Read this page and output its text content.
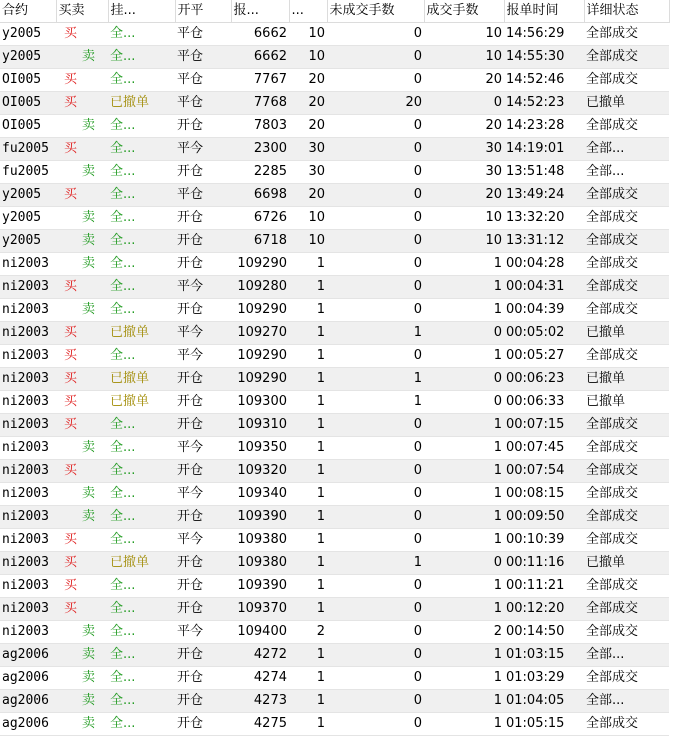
合约	买卖	挂...	开平	报...	...	未成交手数	成交手数	报单时间	详细状态
y2005	买	全...	平仓	6662	10	0	10	14:56:29	全部成交
y2005	卖	全...	平仓	6662	10	0	10	14:55:30	全部成交
OI005	买	全...	平仓	7767	20	0	20	14:52:46	全部成交
OI005	买	已撤单	平仓	7768	20	20	0	14:52:23	已撤单
OI005	卖	全...	开仓	7803	20	0	20	14:23:28	全部成交
fu2005	买	全...	平今	2300	30	0	30	14:19:01	全部...
fu2005	卖	全...	开仓	2285	30	0	30	13:51:48	全部...
y2005	买	全...	平仓	6698	20	0	20	13:49:24	全部成交
y2005	卖	全...	开仓	6726	10	0	10	13:32:20	全部成交
y2005	卖	全...	开仓	6718	10	0	10	13:31:12	全部成交
ni2003	卖	全...	开仓	109290	1	0	1	00:04:28	全部成交
ni2003	买	全...	平今	109280	1	0	1	00:04:31	全部成交
ni2003	卖	全...	开仓	109290	1	0	1	00:04:39	全部成交
ni2003	买	已撤单	平今	109270	1	1	0	00:05:02	已撤单
ni2003	买	全...	平今	109290	1	0	1	00:05:27	全部成交
ni2003	买	已撤单	开仓	109290	1	1	0	00:06:23	已撤单
ni2003	买	已撤单	开仓	109300	1	1	0	00:06:33	已撤单
ni2003	买	全...	开仓	109310	1	0	1	00:07:15	全部成交
ni2003	卖	全...	平今	109350	1	0	1	00:07:45	全部成交
ni2003	买	全...	开仓	109320	1	0	1	00:07:54	全部成交
ni2003	卖	全...	平今	109340	1	0	1	00:08:15	全部成交
ni2003	卖	全...	开仓	109390	1	0	1	00:09:50	全部成交
ni2003	买	全...	平今	109380	1	0	1	00:10:39	全部成交
ni2003	买	已撤单	开仓	109380	1	1	0	00:11:16	已撤单
ni2003	买	全...	开仓	109390	1	0	1	00:11:21	全部成交
ni2003	买	全...	开仓	109370	1	0	1	00:12:20	全部成交
ni2003	卖	全...	平今	109400	2	0	2	00:14:50	全部成交
ag2006	卖	全...	开仓	4272	1	0	1	01:03:15	全部...
ag2006	卖	全...	开仓	4274	1	0	1	01:03:29	全部成交
ag2006	卖	全...	开仓	4273	1	0	1	01:04:05	全部...
ag2006	卖	全...	开仓	4275	1	0	1	01:05:15	全部成交
